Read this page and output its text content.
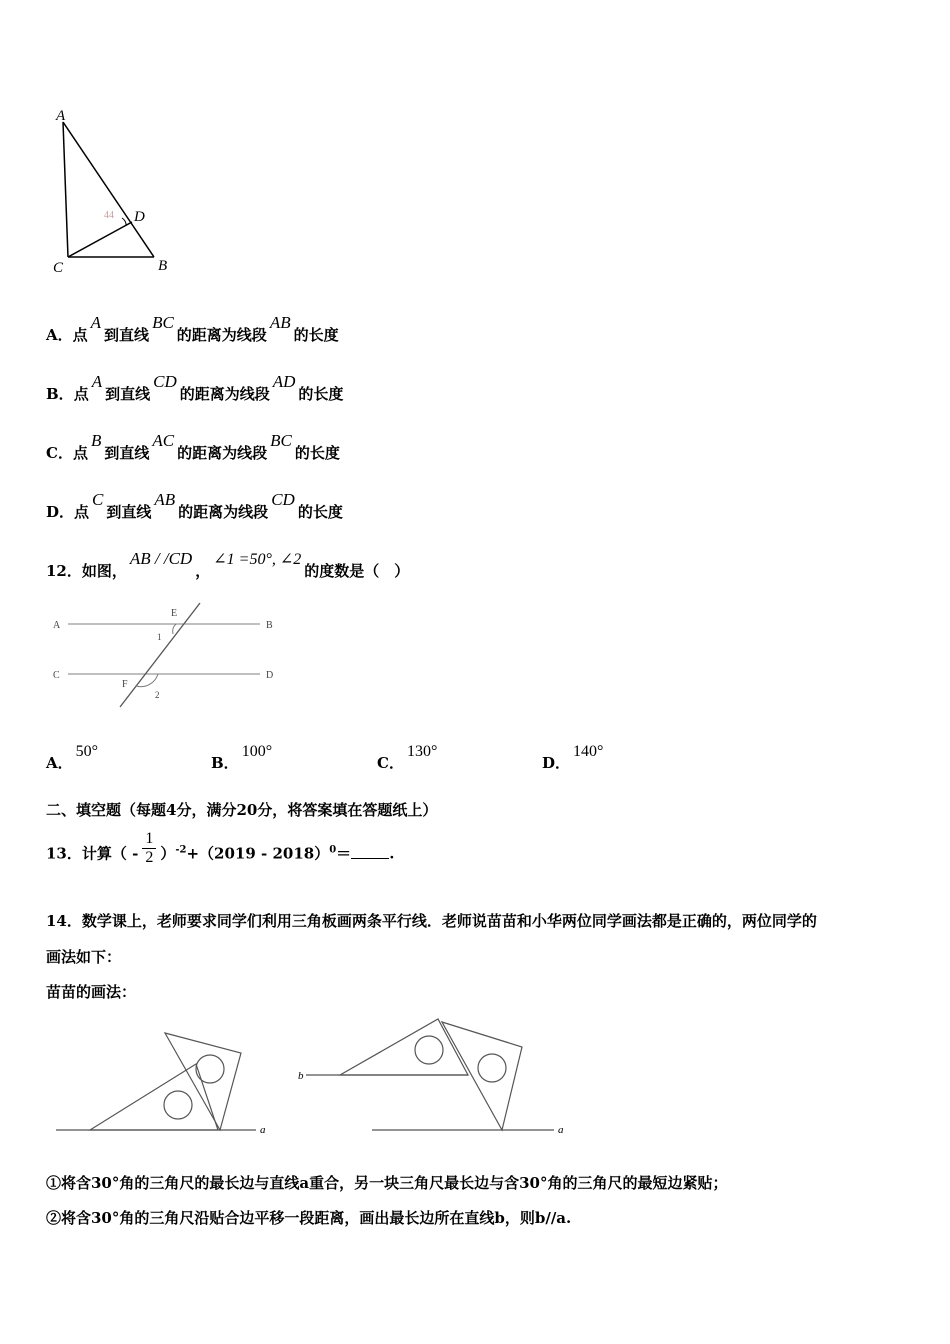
44
A
D
C	B
A．点A到直线BC的距离为线段AB的长度
B．点A到直线CD的距离为线段AD的长度
C．点B到直线AC的距离为线段BC的长度
D．点C到直线AB的距离为线段CD的长度
12．如图，AB / /CD，∠1 =50°, ∠2的度数是（　）
A	B
C	D
E
F
1
2
A．50°
B．100°
C．130°
D．140°
二、填空题（每题4分，满分20分，将答案填在答题纸上）
13．计算（ - $\frac{1}{2} )^{-2}+(2019 - 2018)^0=$	.
14．数学课上，老师要求同学们利用三角板画两条平行线．老师说苗苗和小华两位同学画法都是正确的，两位同学的
画法如下：
苗苗的画法：
a
b
a
①将含30°角的三角尺的最长边与直线a重合，另一块三角尺最长边与含30°角的三角尺的最短边紧贴；
②将含30°角的三角尺沿贴合边平移一段距离，画出最长边所在直线b，则b//a.
